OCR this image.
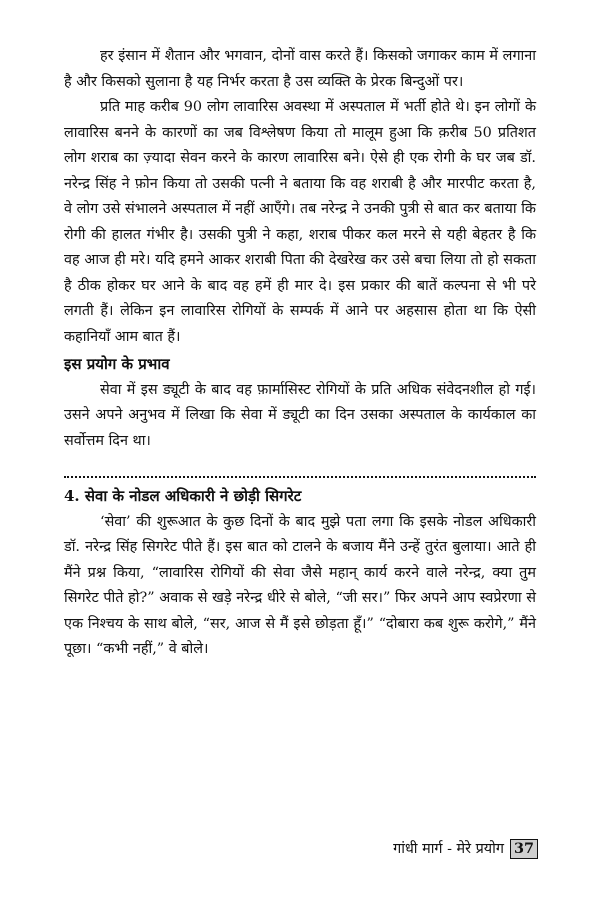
हर इंसान में शैतान और भगवान, दोनों वास करते हैं। किसको जगाकर काम में लगाना है और किसको सुलाना है यह निर्भर करता है उस व्यक्ति के प्रेरक बिन्दुओं पर।

प्रति माह करीब 90 लोग लावारिस अवस्था में अस्पताल में भर्ती होते थे। इन लोगों के लावारिस बनने के कारणों का जब विश्लेषण किया तो मालूम हुआ कि क़रीब 50 प्रतिशत लोग शराब का ज़्यादा सेवन करने के कारण लावारिस बने। ऐसे ही एक रोगी के घर जब डॉ. नरेन्द्र सिंह ने फ़ोन किया तो उसकी पत्नी ने बताया कि वह शराबी है और मारपीट करता है, वे लोग उसे संभालने अस्पताल में नहीं आएँगे। तब नरेन्द्र ने उनकी पुत्री से बात कर बताया कि रोगी की हालत गंभीर है। उसकी पुत्री ने कहा, शराब पीकर कल मरने से यही बेहतर है कि वह आज ही मरे। यदि हमने आकर शराबी पिता की देखरेख कर उसे बचा लिया तो हो सकता है ठीक होकर घर आने के बाद वह हमें ही मार दे। इस प्रकार की बातें कल्पना से भी परे लगती हैं। लेकिन इन लावारिस रोगियों के सम्पर्क में आने पर अहसास होता था कि ऐसी कहानियाँ आम बात हैं।

इस प्रयोग के प्रभाव

सेवा में इस ड्यूटी के बाद वह फ़ार्मासिस्ट रोगियों के प्रति अधिक संवेदनशील हो गई। उसने अपने अनुभव में लिखा कि सेवा में ड्यूटी का दिन उसका अस्पताल के कार्यकाल का सर्वोत्तम दिन था।

4. सेवा के नोडल अधिकारी ने छोड़ी सिगरेट

‘सेवा’ की शुरूआत के कुछ दिनों के बाद मुझे पता लगा कि इसके नोडल अधिकारी डॉ. नरेन्द्र सिंह सिगरेट पीते हैं। इस बात को टालने के बजाय मैंने उन्हें तुरंत बुलाया। आते ही मैंने प्रश्न किया, “लावारिस रोगियों की सेवा जैसे महान् कार्य करने वाले नरेन्द्र, क्या तुम सिगरेट पीते हो?” अवाक से खड़े नरेन्द्र धीरे से बोले, “जी सर।” फिर अपने आप स्वप्रेरणा से एक निश्चय के साथ बोले, “सर, आज से मैं इसे छोड़ता हूँ।” “दोबारा कब शुरू करोगे,” मैंने पूछा। “कभी नहीं,” वे बोले।

गांधी मार्ग - मेरे प्रयोग 37
